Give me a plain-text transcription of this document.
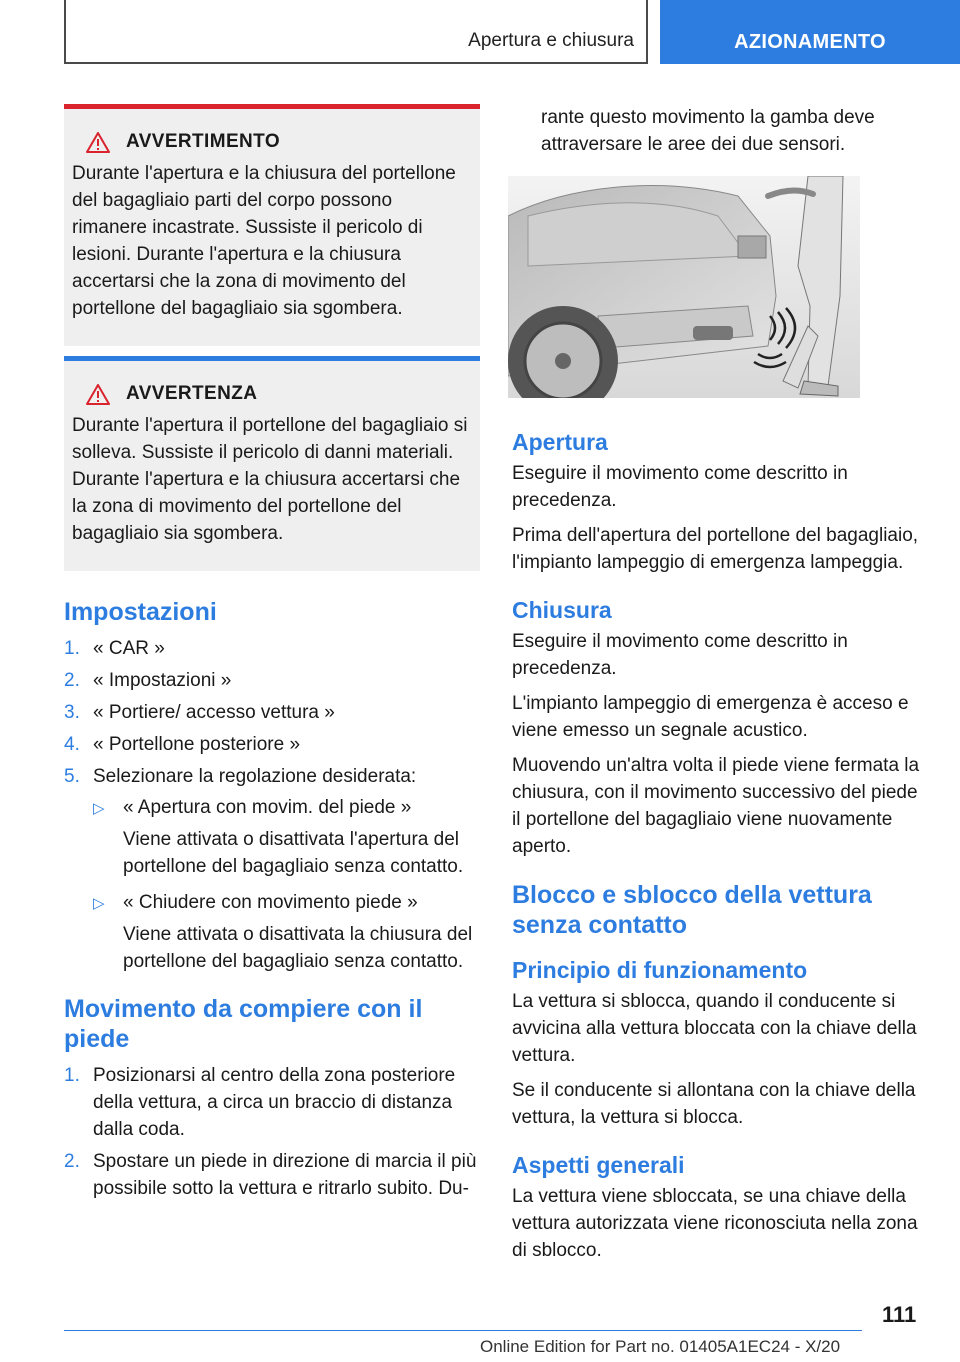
Apertura e chiusura	AZIONAMENTO
AVVERTIMENTO
Durante l'apertura e la chiusura del portellone del bagagliaio parti del corpo possono rimanere incastrate. Sussiste il pericolo di lesioni. Durante l'apertura e la chiusura accertarsi che la zona di movimento del portellone del bagagliaio sia sgombera.
AVVERTENZA
Durante l'apertura il portellone del bagagliaio si solleva. Sussiste il pericolo di danni materiali. Durante l'apertura e la chiusura accertarsi che la zona di movimento del portellone del bagagliaio sia sgombera.
Impostazioni
1. « CAR »
2. « Impostazioni »
3. « Portiere/ accesso vettura »
4. « Portellone posteriore »
5. Selezionare la regolazione desiderata:
▷ « Apertura con movim. del piede »
Viene attivata o disattivata l'apertura del portellone del bagagliaio senza contatto.
▷ « Chiudere con movimento piede »
Viene attivata o disattivata la chiusura del portellone del bagagliaio senza contatto.
Movimento da compiere con il piede
1. Posizionarsi al centro della zona posteriore della vettura, a circa un braccio di distanza dalla coda.
2. Spostare un piede in direzione di marcia il più possibile sotto la vettura e ritrarlo subito. Du-

rante questo movimento la gamba deve attraversare le aree dei due sensori.

Apertura

Eseguire il movimento come descritto in precedenza.

Prima dell'apertura del portellone del bagagliaio, l'impianto lampeggio di emergenza lampeggia.

Chiusura

Eseguire il movimento come descritto in precedenza.

L'impianto lampeggio di emergenza è acceso e viene emesso un segnale acustico.

Muovendo un'altra volta il piede viene fermata la chiusura, con il movimento successivo del piede il portellone del bagagliaio viene nuovamente aperto.

Blocco e sblocco della vettura senza contatto
Principio di funzionamento

La vettura si sblocca, quando il conducente si avvicina alla vettura bloccata con la chiave della vettura.

Se il conducente si allontana con la chiave della vettura, la vettura si blocca.

Aspetti generali

La vettura viene sbloccata, se una chiave della vettura autorizzata viene riconosciuta nella zona di sblocco.

111
Online Edition for Part no. 01405A1EC24 - X/20
